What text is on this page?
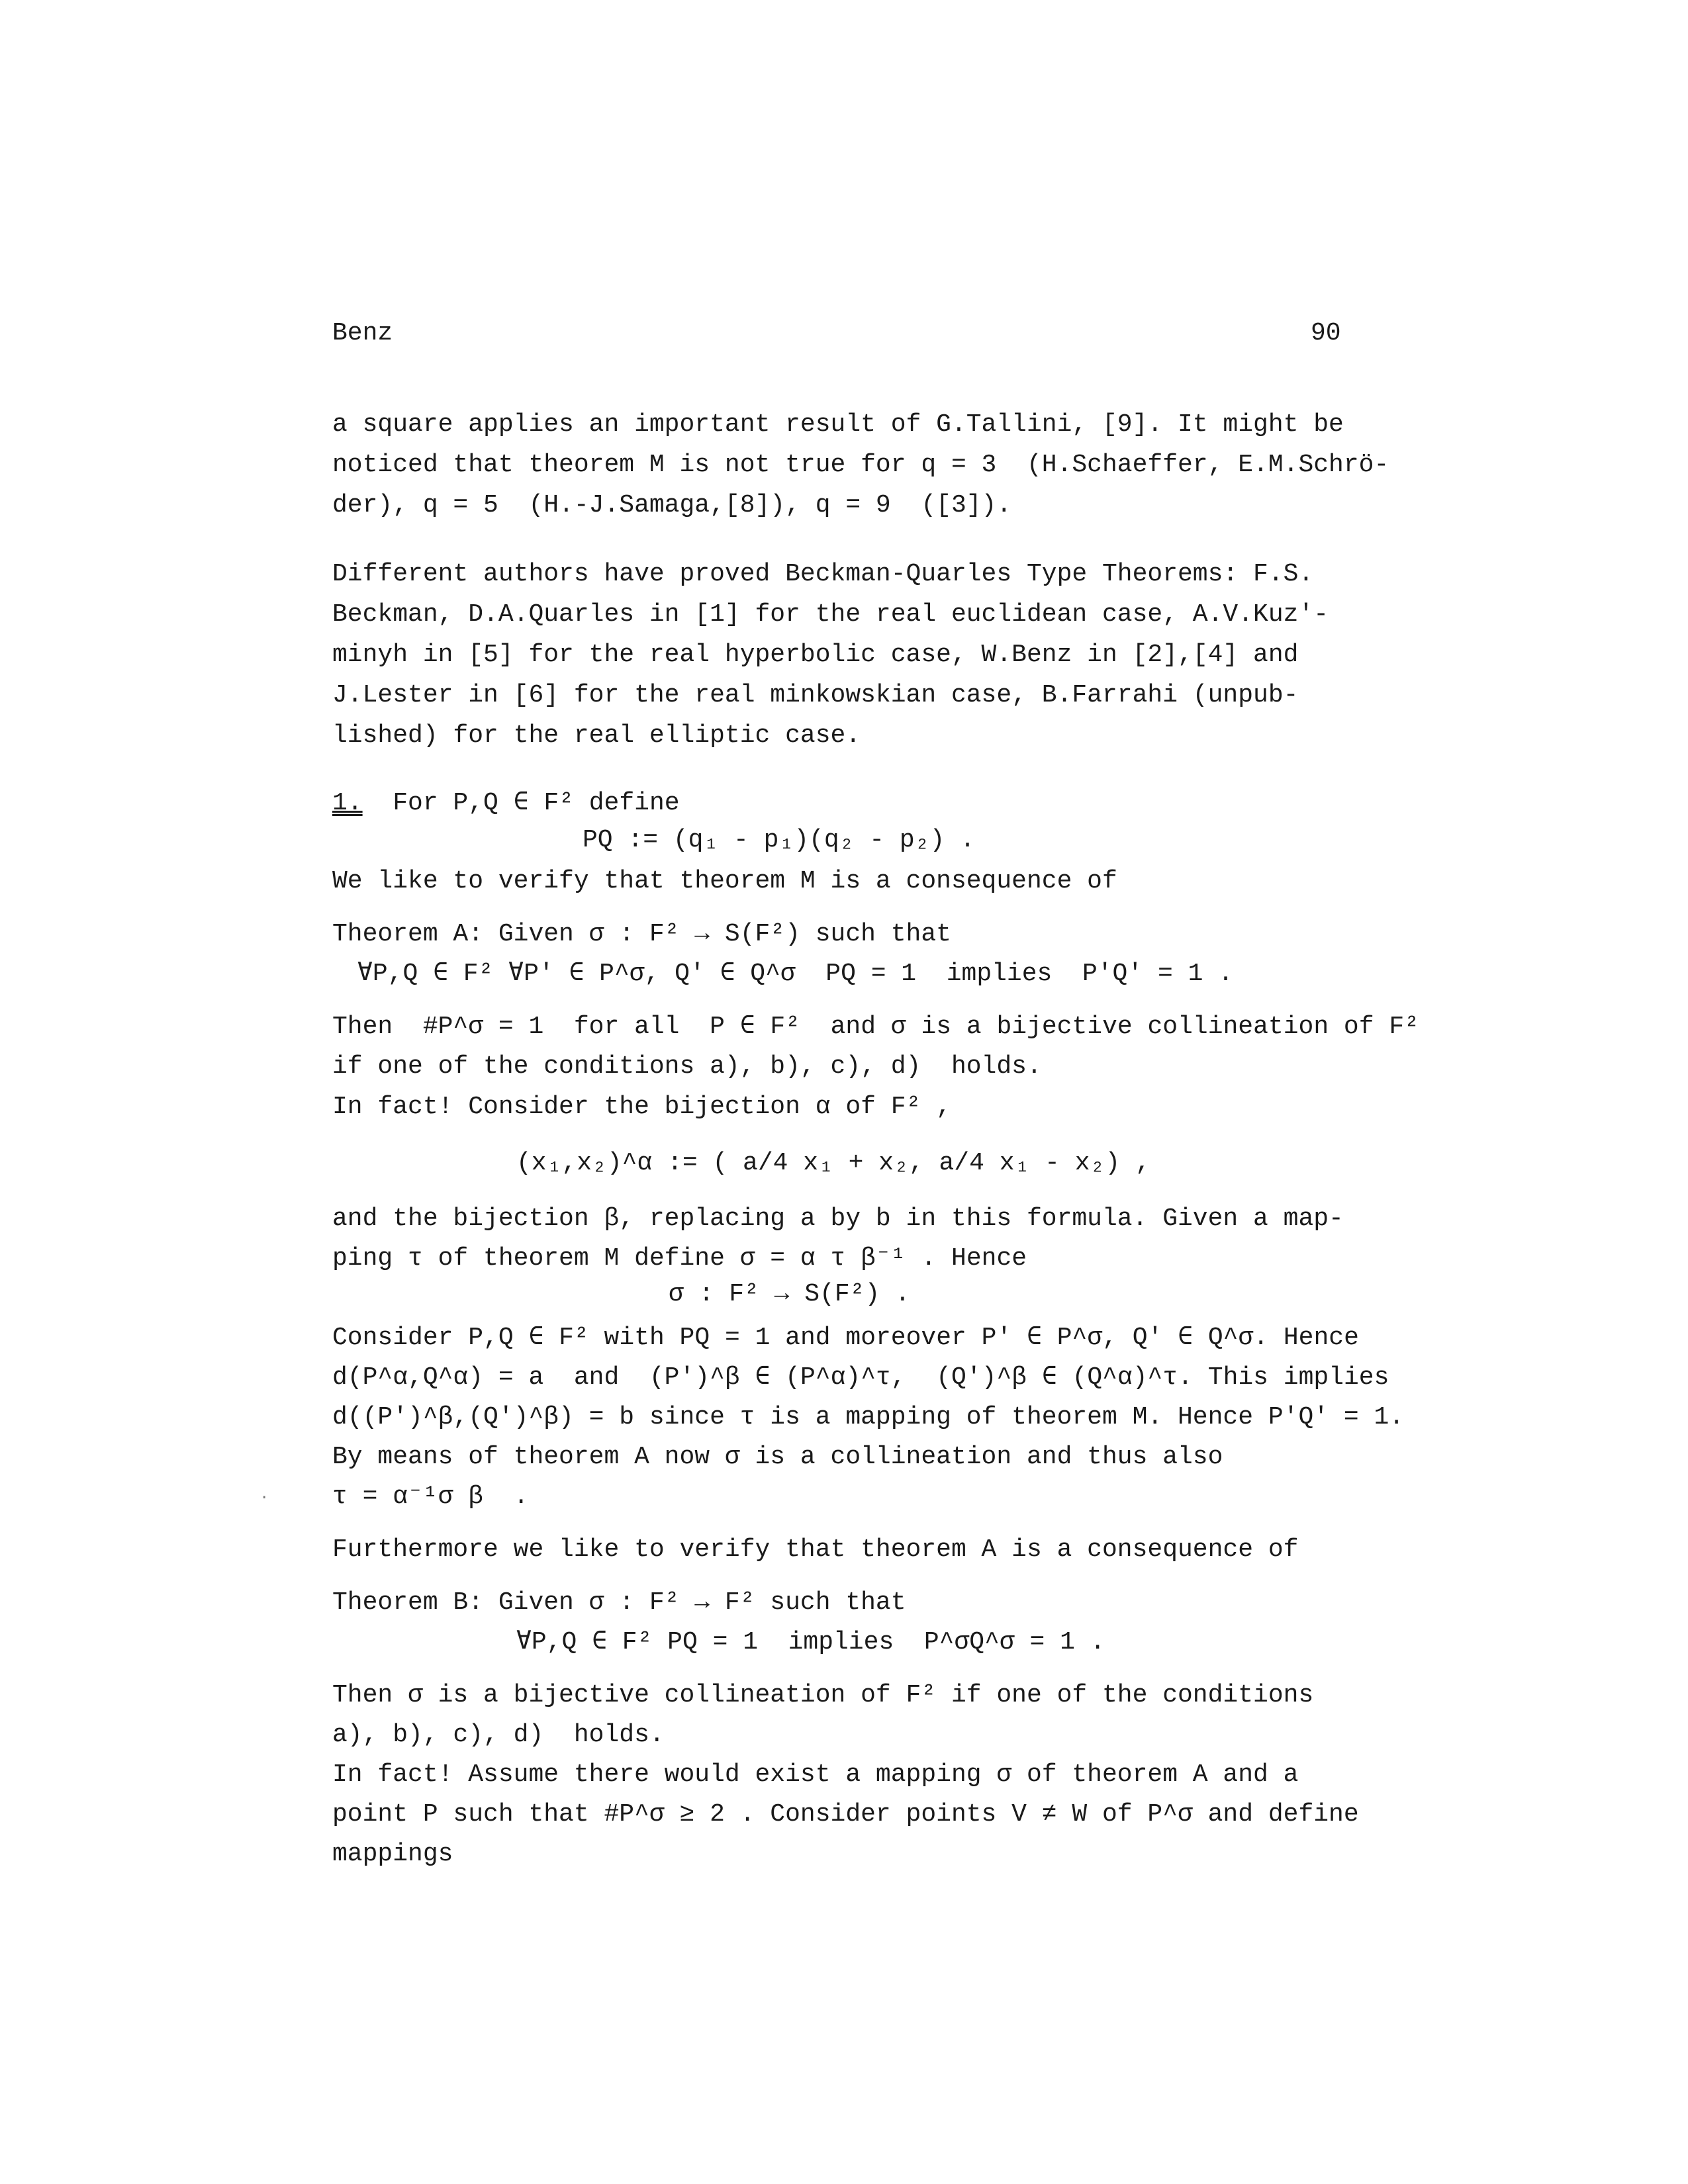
Benz	90
a square applies an important result of G.Tallini, [9]. It might be
noticed that theorem M is not true for q = 3  (H.Schaeffer, E.M.Schrö-
der), q = 5  (H.-J.Samaga,[8]), q = 9  ([3]).
Different authors have proved Beckman-Quarles Type Theorems: F.S.
Beckman, D.A.Quarles in [1] for the real euclidean case, A.V.Kuz'-
minyh in [5] for the real hyperbolic case, W.Benz in [2],[4] and
J.Lester in [6] for the real minkowskian case, B.Farrahi (unpub-
lished) for the real elliptic case.
1. For P,Q ∈ F² define
PQ := (q₁ - p₁)(q₂ - p₂) .
We like to verify that theorem M is a consequence of
Theorem A: Given σ : F² → S(F²) such that
∀P,Q ∈ F² ∀P' ∈ P^σ, Q' ∈ Q^σ  PQ = 1  implies  P'Q' = 1 .
Then  #P^σ = 1  for all  P ∈ F²  and σ is a bijective collineation of F²
if one of the conditions a), b), c), d)  holds.
In fact! Consider the bijection α of F² ,
(x₁,x₂)^α := ( a/4 x₁ + x₂, a/4 x₁ - x₂) ,
and the bijection β, replacing a by b in this formula. Given a map-
ping τ of theorem M define σ = α τ β⁻¹ . Hence
σ : F² → S(F²) .
Consider P,Q ∈ F² with PQ = 1 and moreover P' ∈ P^σ, Q' ∈ Q^σ. Hence
d(P^α,Q^α) = a  and  (P')^β ∈ (P^α)^τ,  (Q')^β ∈ (Q^α)^τ. This implies
d((P')^β,(Q')^β) = b since τ is a mapping of theorem M. Hence P'Q' = 1.
By means of theorem A now σ is a collineation and thus also
τ = α⁻¹σ β  .
Furthermore we like to verify that theorem A is a consequence of
Theorem B: Given σ : F² → F² such that
∀P,Q ∈ F² PQ = 1  implies  P^σQ^σ = 1 .
Then σ is a bijective collineation of F² if one of the conditions
a), b), c), d)  holds.
In fact! Assume there would exist a mapping σ of theorem A and a
point P such that #P^σ ≥ 2 . Consider points V ≠ W of P^σ and define
mappings
·
